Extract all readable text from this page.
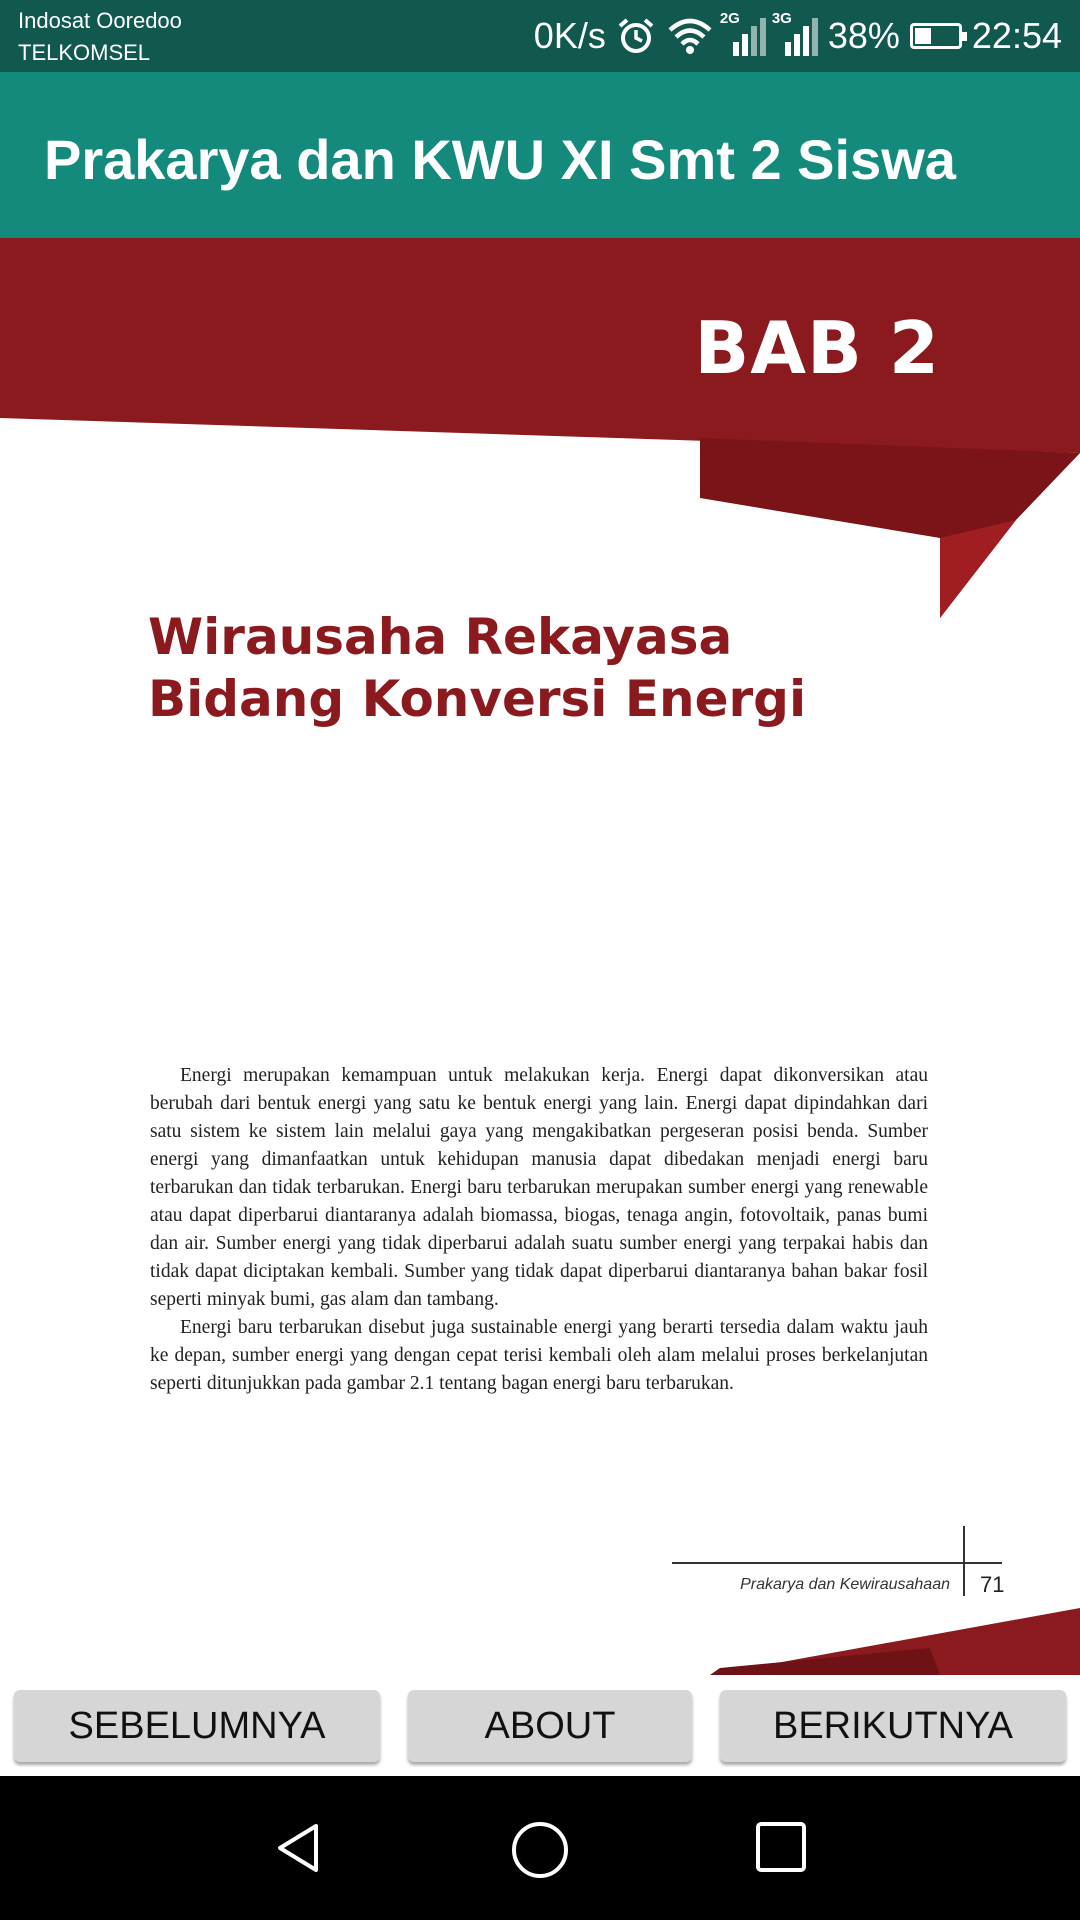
Indosat Ooredoo
TELKOMSEL	0K/s	2G 3G 38% 22:54
Prakarya dan KWU XI Smt 2 Siswa
BAB 2
Wirausaha Rekayasa
Bidang Konversi Energi

Energi merupakan kemampuan untuk melakukan kerja. Energi dapat dikonversikan atau berubah dari bentuk energi yang satu ke bentuk energi yang lain. Energi dapat dipindahkan dari satu sistem ke sistem lain melalui gaya yang mengakibatkan pergeseran posisi benda. Sumber energi yang dimanfaatkan untuk kehidupan manusia dapat dibedakan menjadi energi baru terbarukan dan tidak terbarukan. Energi baru terbarukan merupakan sumber energi yang renewable atau dapat diperbarui diantaranya adalah biomassa, biogas, tenaga angin, fotovoltaik, panas bumi dan air. Sumber energi yang tidak diperbarui adalah suatu sumber energi yang terpakai habis dan tidak dapat diciptakan kembali. Sumber yang tidak dapat diperbarui diantaranya bahan bakar fosil seperti minyak bumi, gas alam dan tambang.

Energi baru terbarukan disebut juga sustainable energi yang berarti tersedia dalam waktu jauh ke depan, sumber energi yang dengan cepat terisi kembali oleh alam melalui proses berkelanjutan seperti ditunjukkan pada gambar 2.1 tentang bagan energi baru terbarukan.

Prakarya dan Kewirausahaan 71
SEBELUMNYA	ABOUT	BERIKUTNYA
